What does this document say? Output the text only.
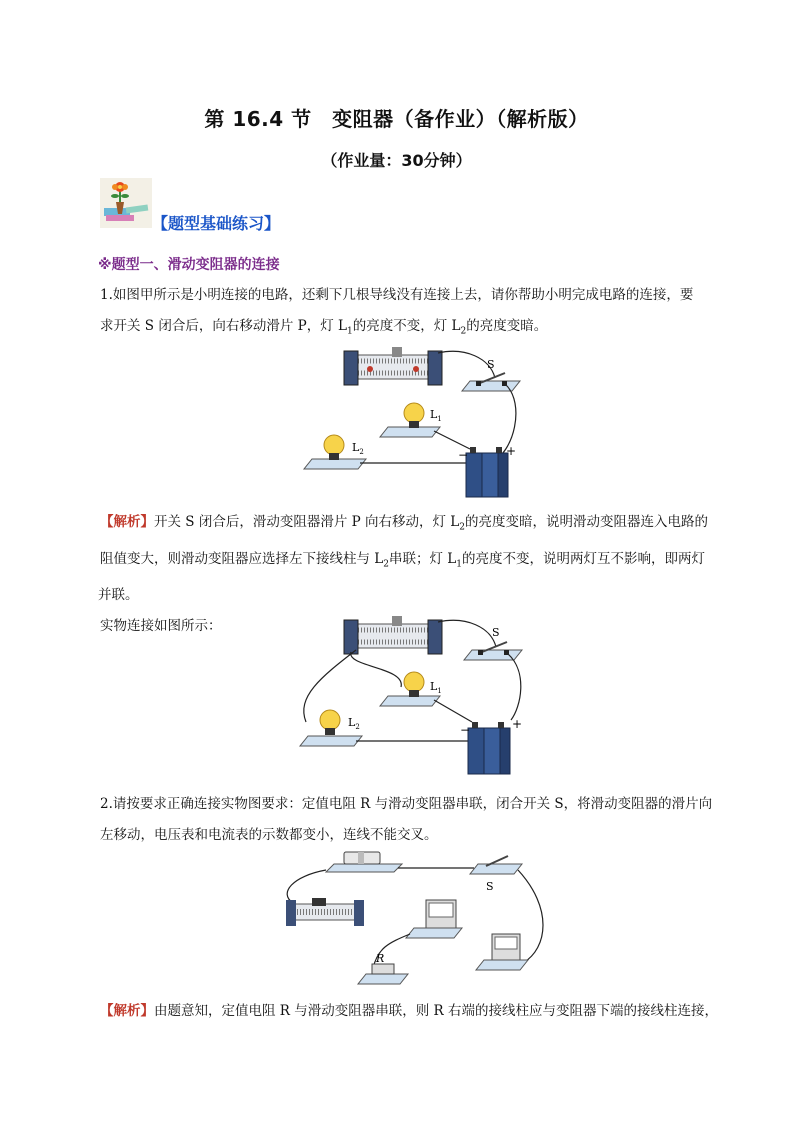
第 16.4 节　变阻器（备作业）（解析版）
（作业量：30分钟）
【题型基础练习】
※题型一、滑动变阻器的连接
1.如图甲所示是小明连接的电路，还剩下几根导线没有连接上去，请你帮助小明完成电路的连接，要
求开关 S 闭合后，向右移动滑片 P，灯 $L_1$的亮度不变，灯 $L_2$的亮度变暗。
S
$L_1$
$L_2$	−	+
【解析】开关 S 闭合后，滑动变阻器滑片 P 向右移动，灯 $L_2$的亮度变暗，说明滑动变阻器连入电路的
阻值变大，则滑动变阻器应选择左下接线柱与 $L_2$串联；灯 $L_1$的亮度不变，说明两灯互不影响，即两灯并联。
实物连接如图所示：	S
$L_1$
$L_2$	−	+
2.请按要求正确连接实物图要求：定值电阻 R 与滑动变阻器串联，闭合开关 S，将滑动变阻器的滑片向
左移动，电压表和电流表的示数都变小，连线不能交叉。
S
R
【解析】由题意知，定值电阻 R 与滑动变阻器串联，则 R 右端的接线柱应与变阻器下端的接线柱连接，
